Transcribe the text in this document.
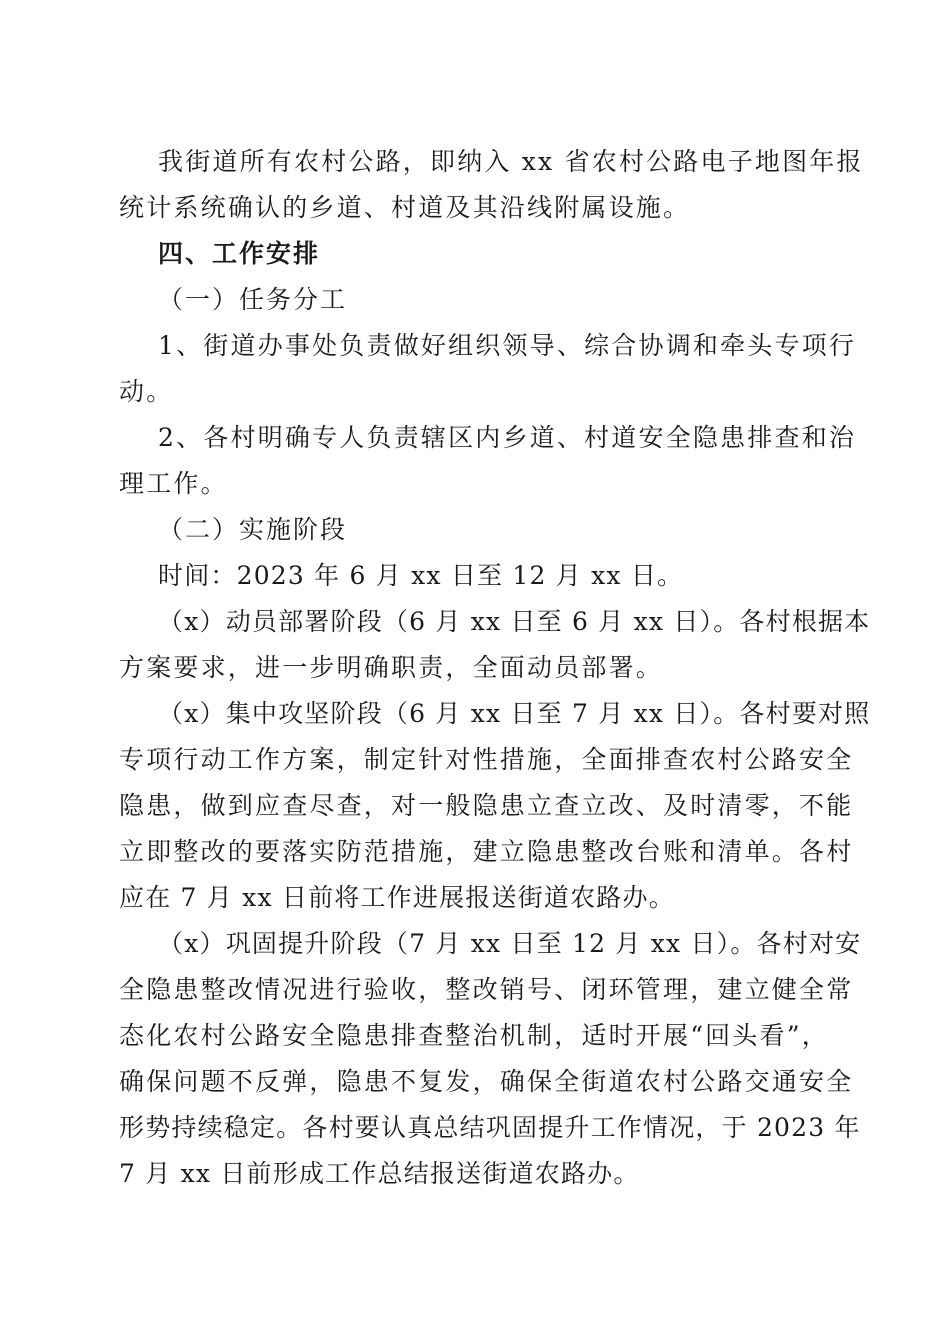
我街道所有农村公路，即纳入 xx 省农村公路电子地图年报
统计系统确认的乡道、村道及其沿线附属设施。
四、工作安排
（一）任务分工
1、街道办事处负责做好组织领导、综合协调和牵头专项行
动。
2、各村明确专人负责辖区内乡道、村道安全隐患排查和治
理工作。
（二）实施阶段
时间：2023 年 6 月 xx 日至 12 月 xx 日。
（x）动员部署阶段（6 月 xx 日至 6 月 xx 日）。各村根据本
方案要求，进一步明确职责，全面动员部署。
（x）集中攻坚阶段（6 月 xx 日至 7 月 xx 日）。各村要对照
专项行动工作方案，制定针对性措施，全面排查农村公路安全
隐患，做到应查尽查，对一般隐患立查立改、及时清零，不能
立即整改的要落实防范措施，建立隐患整改台账和清单。各村
应在 7 月 xx 日前将工作进展报送街道农路办。
（x）巩固提升阶段（7 月 xx 日至 12 月 xx 日）。各村对安
全隐患整改情况进行验收，整改销号、闭环管理，建立健全常
态化农村公路安全隐患排查整治机制，适时开展“回头看”，
确保问题不反弹，隐患不复发，确保全街道农村公路交通安全
形势持续稳定。各村要认真总结巩固提升工作情况，于 2023 年
7 月 xx 日前形成工作总结报送街道农路办。
